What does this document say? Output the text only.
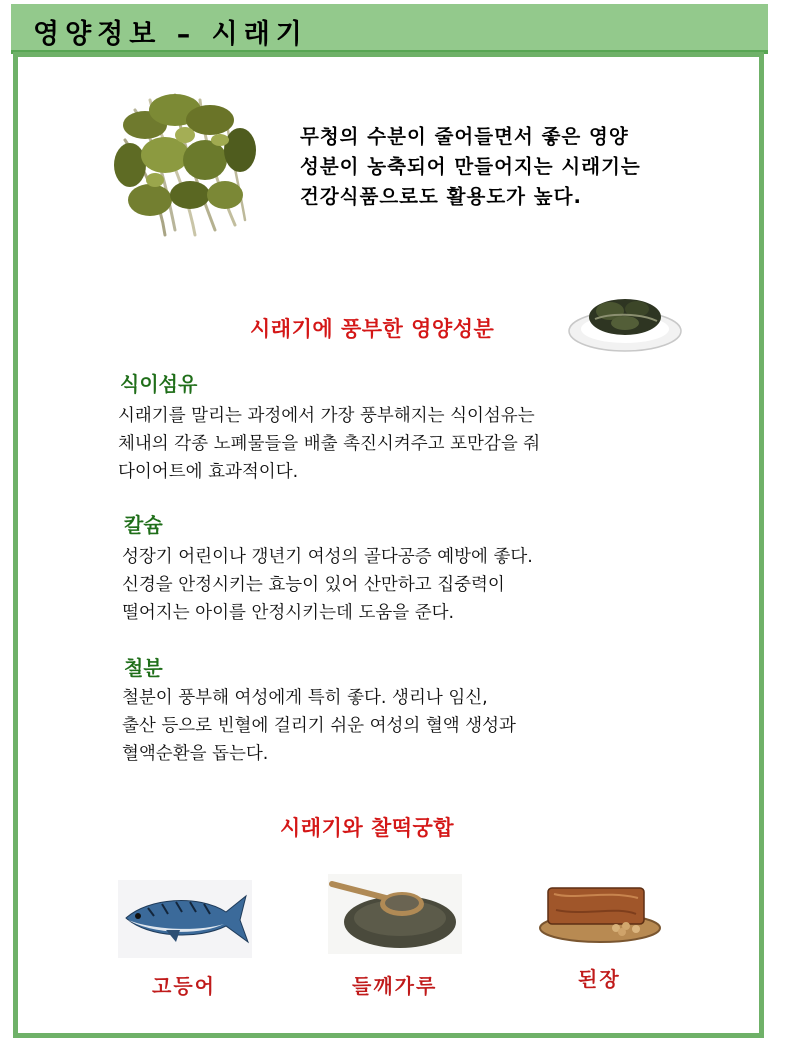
영양정보 – 시래기

무청의 수분이 줄어들면서 좋은 영양

성분이 농축되어 만들어지는 시래기는

건강식품으로도 활용도가 높다.

시래기에 풍부한 영양성분
식이섬유

시래기를 말리는 과정에서 가장 풍부해지는 식이섬유는

체내의 각종 노폐물들을 배출 촉진시켜주고 포만감을 줘

다이어트에 효과적이다.

칼슘

성장기 어린이나 갱년기 여성의 골다공증 예방에 좋다.

신경을 안정시키는 효능이 있어 산만하고 집중력이

떨어지는 아이를 안정시키는데 도움을 준다.

철분

철분이 풍부해 여성에게 특히 좋다. 생리나 임신,

출산 등으로 빈혈에 걸리기 쉬운 여성의 혈액 생성과

혈액순환을 돕는다.

시래기와 찰떡궁합
고등어	들깨가루	된장
